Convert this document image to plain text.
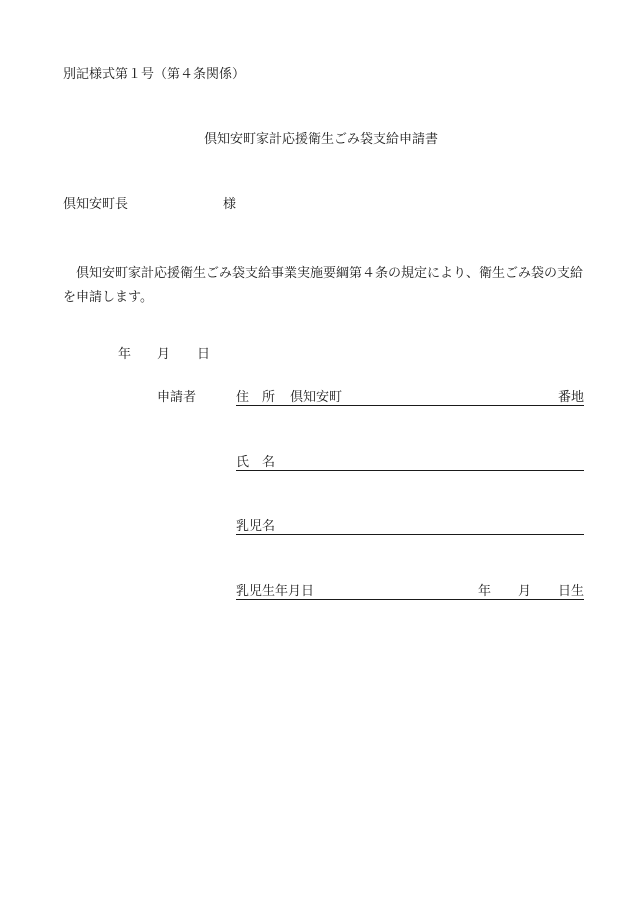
別記様式第１号（第４条関係）
倶知安町家計応援衛生ごみ袋支給申請書
倶知安町長	様
倶知安町家計応援衛生ごみ袋支給事業実施要綱第４条の規定により、衛生ごみ袋の支給を申請します。
年 月 日
申請者	住　所 倶知安町	番地
氏　名
乳児名
乳児生年月日	年 月 日生
